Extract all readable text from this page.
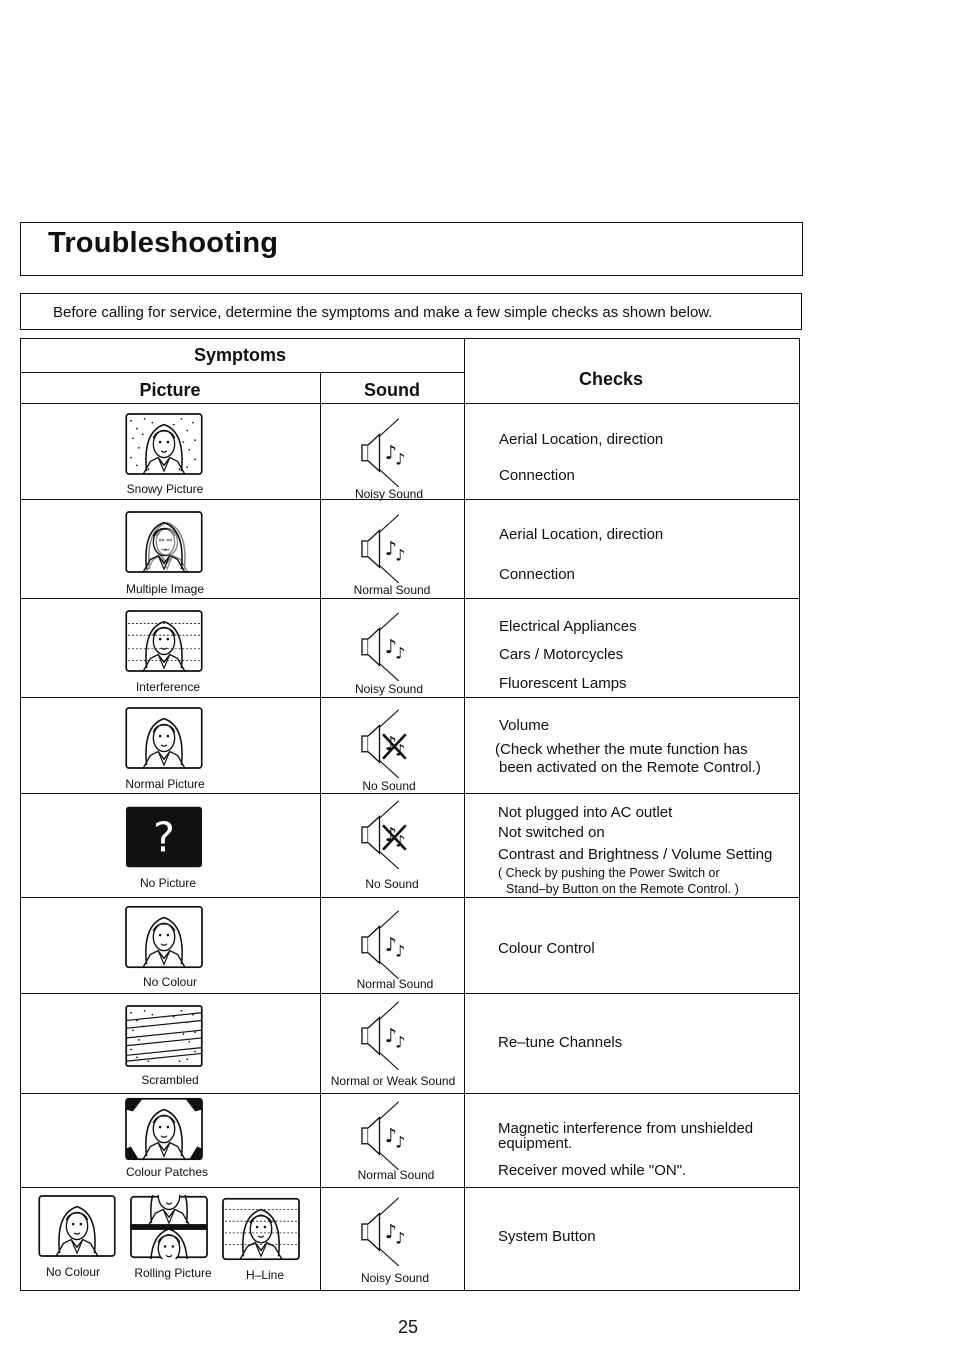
Troubleshooting
Before calling for service, determine the symptoms and make a few simple checks as shown below.
Symptoms
Picture	Sound
Checks
Snowy Picture	Noisy Sound
Aerial Location, direction
Connection
Multiple Image	Normal Sound
Aerial Location, direction
Connection
Interference	Noisy Sound
Electrical Appliances
Cars / Motorcycles
Fluorescent Lamps
Normal Picture	No Sound
Volume
(Check whether the mute function has
been activated on the Remote Control.)
?
No Picture	No Sound
Not plugged into AC outlet
Not switched on
Contrast and Brightness / Volume Setting
( Check by pushing the Power Switch or
Stand–by Button on the Remote Control. )
No Colour	Normal Sound
Colour Control
Scrambled	Normal or Weak Sound
Re–tune Channels
Colour Patches	Normal Sound
Magnetic interference from unshielded
equipment.
Receiver moved while "ON".
No Colour	Rolling Picture	H–Line	Noisy Sound
System Button
25
